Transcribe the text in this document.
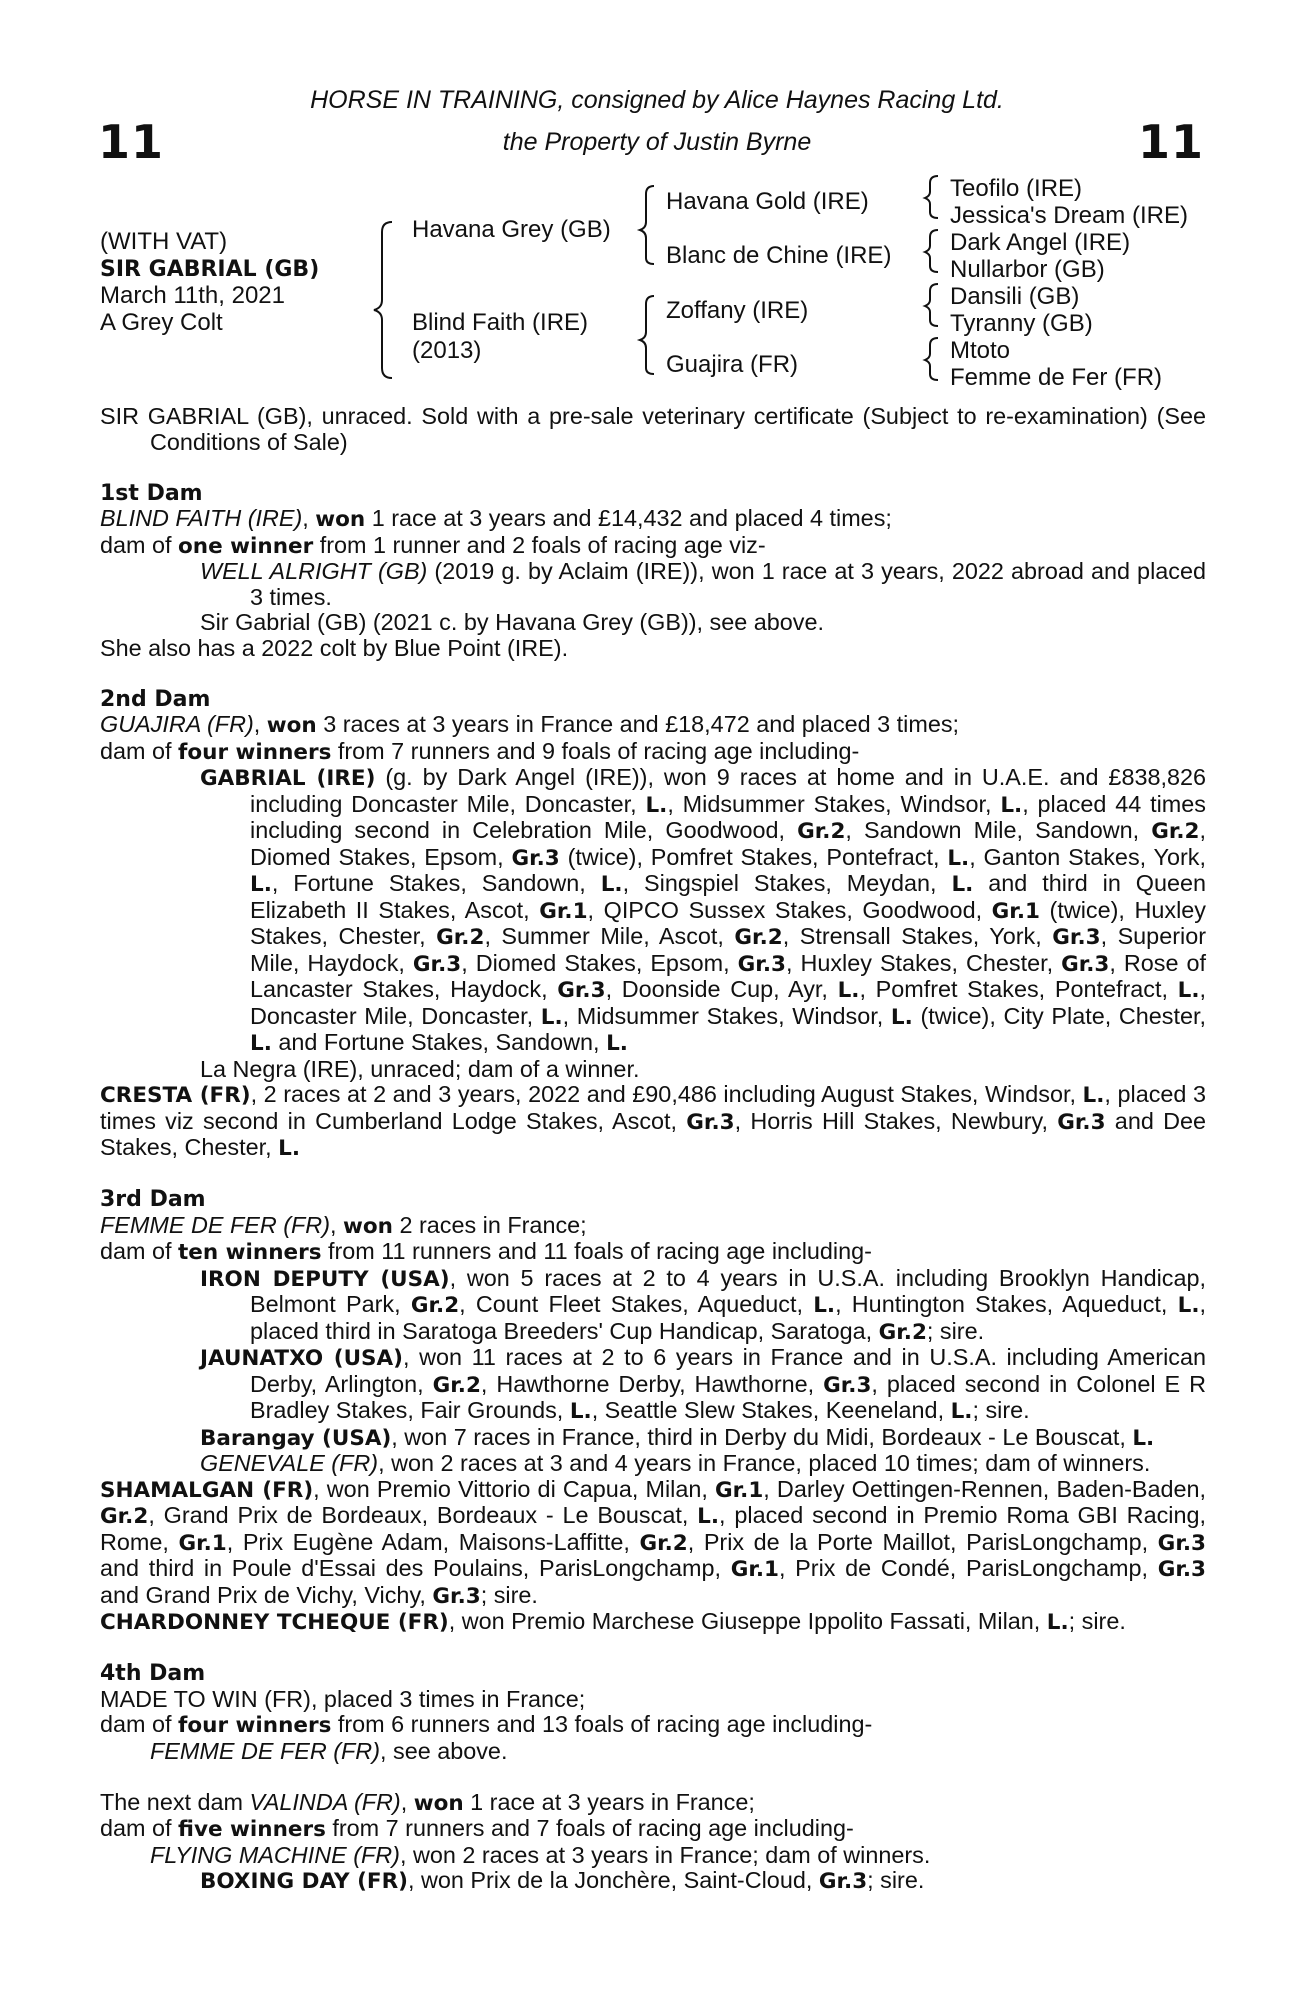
11	11
HORSE IN TRAINING, consigned by Alice Haynes Racing Ltd.
the Property of Justin Byrne
(WITH VAT)
SIR GABRIAL (GB)
March 11th, 2021
A Grey Colt
Havana Grey (GB)
Blind Faith (IRE)
(2013)
Havana Gold (IRE)
Blanc de Chine (IRE)
Zoffany (IRE)
Guajira (FR)
Teofilo (IRE)
Jessica's Dream (IRE)
Dark Angel (IRE)
Nullarbor (GB)
Dansili (GB)
Tyranny (GB)
Mtoto
Femme de Fer (FR)

SIR GABRIAL (GB), unraced. Sold with a pre-sale veterinary certificate (Subject to re-examination) (See Conditions of Sale)

1st Dam

BLIND FAITH (IRE), won 1 race at 3 years and £14,432 and placed 4 times;

dam of one winner from 1 runner and 2 foals of racing age viz-

WELL ALRIGHT (GB) (2019 g. by Aclaim (IRE)), won 1 race at 3 years, 2022 abroad and placed 3 times.

Sir Gabrial (GB) (2021 c. by Havana Grey (GB)), see above.

She also has a 2022 colt by Blue Point (IRE).

2nd Dam

GUAJIRA (FR), won 3 races at 3 years in France and £18,472 and placed 3 times;

dam of four winners from 7 runners and 9 foals of racing age including-

GABRIAL (IRE) (g. by Dark Angel (IRE)), won 9 races at home and in U.A.E. and £838,826 including Doncaster Mile, Doncaster, L., Midsummer Stakes, Windsor, L., placed 44 times including second in Celebration Mile, Goodwood, Gr.2, Sandown Mile, Sandown, Gr.2, Diomed Stakes, Epsom, Gr.3 (twice), Pomfret Stakes, Pontefract, L., Ganton Stakes, York, L., Fortune Stakes, Sandown, L., Singspiel Stakes, Meydan, L. and third in Queen Elizabeth II Stakes, Ascot, Gr.1, QIPCO Sussex Stakes, Goodwood, Gr.1 (twice), Huxley Stakes, Chester, Gr.2, Summer Mile, Ascot, Gr.2, Strensall Stakes, York, Gr.3, Superior Mile, Haydock, Gr.3, Diomed Stakes, Epsom, Gr.3, Huxley Stakes, Chester, Gr.3, Rose of Lancaster Stakes, Haydock, Gr.3, Doonside Cup, Ayr, L., Pomfret Stakes, Pontefract, L., Doncaster Mile, Doncaster, L., Midsummer Stakes, Windsor, L. (twice), City Plate, Chester, L. and Fortune Stakes, Sandown, L.

La Negra (IRE), unraced; dam of a winner.

CRESTA (FR), 2 races at 2 and 3 years, 2022 and £90,486 including August Stakes, Windsor, L., placed 3 times viz second in Cumberland Lodge Stakes, Ascot, Gr.3, Horris Hill Stakes, Newbury, Gr.3 and Dee Stakes, Chester, L.

3rd Dam

FEMME DE FER (FR), won 2 races in France;

dam of ten winners from 11 runners and 11 foals of racing age including-

IRON DEPUTY (USA), won 5 races at 2 to 4 years in U.S.A. including Brooklyn Handicap, Belmont Park, Gr.2, Count Fleet Stakes, Aqueduct, L., Huntington Stakes, Aqueduct, L., placed third in Saratoga Breeders' Cup Handicap, Saratoga, Gr.2; sire.

JAUNATXO (USA), won 11 races at 2 to 6 years in France and in U.S.A. including American Derby, Arlington, Gr.2, Hawthorne Derby, Hawthorne, Gr.3, placed second in Colonel E R Bradley Stakes, Fair Grounds, L., Seattle Slew Stakes, Keeneland, L.; sire.

Barangay (USA), won 7 races in France, third in Derby du Midi, Bordeaux - Le Bouscat, L.

GENEVALE (FR), won 2 races at 3 and 4 years in France, placed 10 times; dam of winners.

SHAMALGAN (FR), won Premio Vittorio di Capua, Milan, Gr.1, Darley Oettingen-Rennen, Baden-Baden, Gr.2, Grand Prix de Bordeaux, Bordeaux - Le Bouscat, L., placed second in Premio Roma GBI Racing, Rome, Gr.1, Prix Eugène Adam, Maisons-Laffitte, Gr.2, Prix de la Porte Maillot, ParisLongchamp, Gr.3 and third in Poule d'Essai des Poulains, ParisLongchamp, Gr.1, Prix de Condé, ParisLongchamp, Gr.3 and Grand Prix de Vichy, Vichy, Gr.3; sire.

CHARDONNEY TCHEQUE (FR), won Premio Marchese Giuseppe Ippolito Fassati, Milan, L.; sire.

4th Dam

MADE TO WIN (FR), placed 3 times in France;

dam of four winners from 6 runners and 13 foals of racing age including-

FEMME DE FER (FR), see above.

The next dam VALINDA (FR), won 1 race at 3 years in France;

dam of five winners from 7 runners and 7 foals of racing age including-

FLYING MACHINE (FR), won 2 races at 3 years in France; dam of winners.

BOXING DAY (FR), won Prix de la Jonchère, Saint-Cloud, Gr.3; sire.
